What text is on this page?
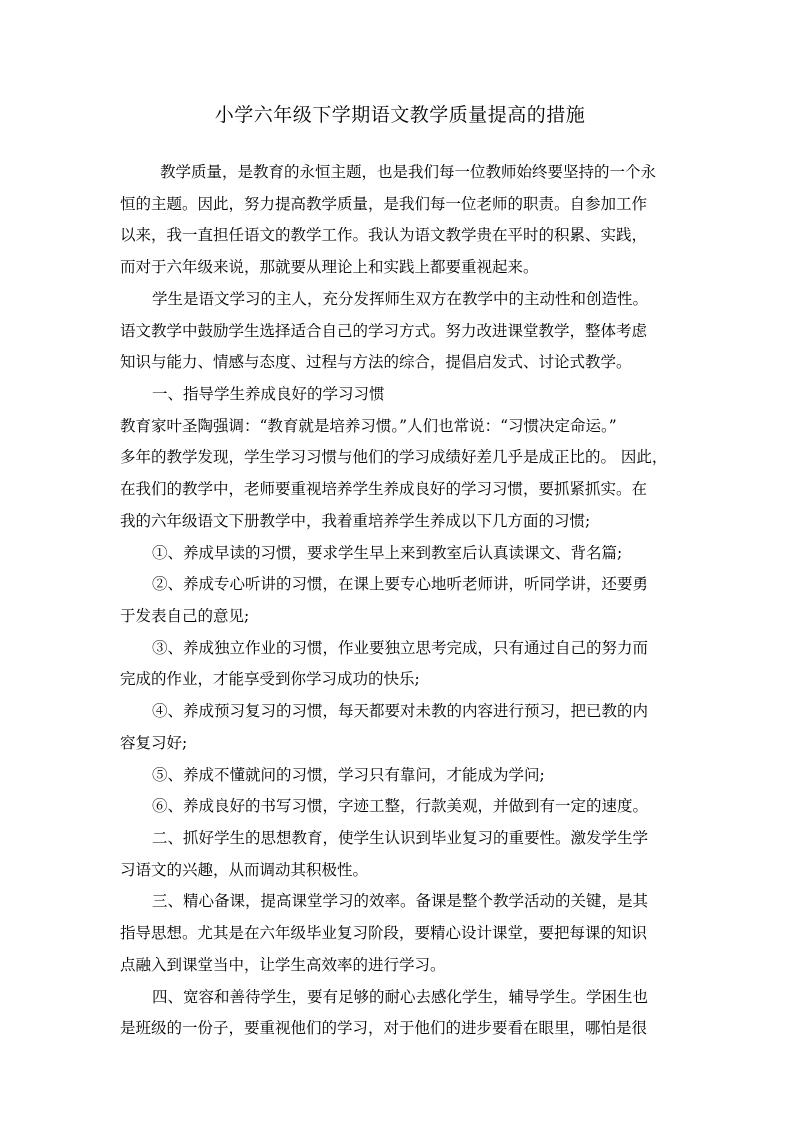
小学六年级下学期语文教学质量提高的措施

教学质量，是教育的永恒主题，也是我们每一位教师始终要坚持的一个永

恒的主题。因此，努力提高教学质量，是我们每一位老师的职责。自参加工作

以来，我一直担任语文的教学工作。我认为语文教学贵在平时的积累、实践，

而对于六年级来说，那就要从理论上和实践上都要重视起来。

学生是语文学习的主人，充分发挥师生双方在教学中的主动性和创造性。

语文教学中鼓励学生选择适合自己的学习方式。努力改进课堂教学，整体考虑

知识与能力、情感与态度、过程与方法的综合，提倡启发式、讨论式教学。

一、指导学生养成良好的学习习惯

教育家叶圣陶强调：“教育就是培养习惯。”人们也常说：“习惯决定命运。”

多年的教学发现，学生学习习惯与他们的学习成绩好差几乎是成正比的。 因此，

在我们的教学中，老师要重视培养学生养成良好的学习习惯，要抓紧抓实。在

我的六年级语文下册教学中，我着重培养学生养成以下几方面的习惯;

①、养成早读的习惯，要求学生早上来到教室后认真读课文、背名篇;

②、养成专心听讲的习惯，在课上要专心地听老师讲，听同学讲，还要勇

于发表自己的意见;

③、养成独立作业的习惯，作业要独立思考完成，只有通过自己的努力而

完成的作业，才能享受到你学习成功的快乐;

④、养成预习复习的习惯，每天都要对未教的内容进行预习，把已教的内

容复习好;

⑤、养成不懂就问的习惯，学习只有靠问，才能成为学问;

⑥、养成良好的书写习惯，字迹工整，行款美观，并做到有一定的速度。

二、抓好学生的思想教育，使学生认识到毕业复习的重要性。激发学生学

习语文的兴趣，从而调动其积极性。

三、精心备课，提高课堂学习的效率。备课是整个教学活动的关键，是其

指导思想。尤其是在六年级毕业复习阶段，要精心设计课堂，要把每课的知识

点融入到课堂当中，让学生高效率的进行学习。

四、宽容和善待学生，要有足够的耐心去感化学生，辅导学生。学困生也

是班级的一份子，要重视他们的学习，对于他们的进步要看在眼里，哪怕是很
